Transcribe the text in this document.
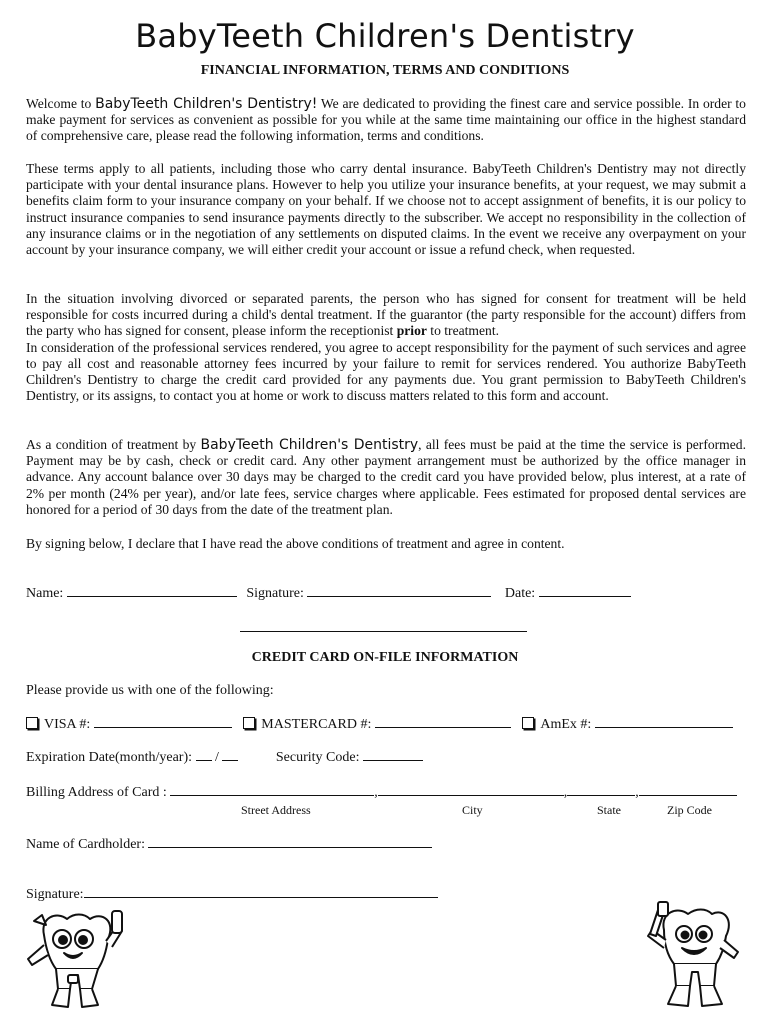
BabyTeeth Children's Dentistry
FINANCIAL INFORMATION, TERMS AND CONDITIONS

Welcome to BabyTeeth Children's Dentistry! We are dedicated to providing the finest care and service possible. In order to make payment for services as convenient as possible for you while at the same time maintaining our office in the highest standard of comprehensive care, please read the following information, terms and conditions.

These terms apply to all patients, including those who carry dental insurance. BabyTeeth Children's Dentistry may not directly participate with your dental insurance plans. However to help you utilize your insurance benefits, at your request, we may submit a benefits claim form to your insurance company on your behalf. If we choose not to accept assignment of benefits, it is our policy to instruct insurance companies to send insurance payments directly to the subscriber. We accept no responsibility in the collection of any insurance claims or in the negotiation of any settlements on disputed claims. In the event we receive any overpayment on your account by your insurance company, we will either credit your account or issue a refund check, when requested.

In the situation involving divorced or separated parents, the person who has signed for consent for treatment will be held responsible for costs incurred during a child's dental treatment. If the guarantor (the party responsible for the account) differs from the party who has signed for consent, please inform the receptionist prior to treatment.
In consideration of the professional services rendered, you agree to accept responsibility for the payment of such services and agree to pay all cost and reasonable attorney fees incurred by your failure to remit for services rendered. You authorize BabyTeeth Children's Dentistry to charge the credit card provided for any payments due. You grant permission to BabyTeeth Children's Dentistry, or its assigns, to contact you at home or work to discuss matters related to this form and account.

As a condition of treatment by BabyTeeth Children's Dentistry, all fees must be paid at the time the service is performed. Payment may be by cash, check or credit card. Any other payment arrangement must be authorized by the office manager in advance. Any account balance over 30 days may be charged to the credit card you have provided below, plus interest, at a rate of 2% per month (24% per year), and/or late fees, service charges where applicable. Fees estimated for proposed dental services are honored for a period of 30 days from the date of the treatment plan.

By signing below, I declare that I have read the above conditions of treatment and agree in content.

Name:	Signature:	Date:
CREDIT CARD ON-FILE INFORMATION
Please provide us with one of the following:
VISA #:	MASTERCARD #:	AmEx #:
Expiration Date(month/year): /	Security Code:
Billing Address of Card :	,	,	,
Street Address	City	State	Zip Code
Name of Cardholder:
Signature:
